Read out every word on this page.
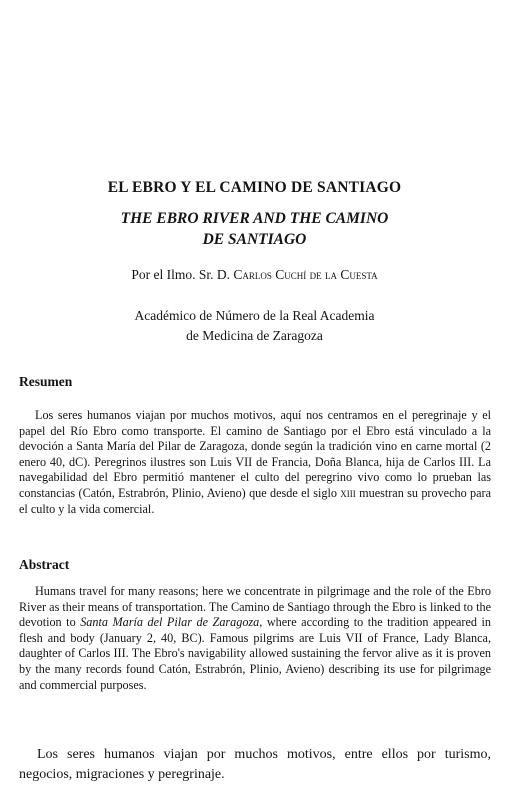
EL EBRO Y EL CAMINO DE SANTIAGO
THE EBRO RIVER AND THE CAMINO
DE SANTIAGO
Por el Ilmo. Sr. D. Carlos Cuchí de la Cuesta
Académico de Número de la Real Academia
de Medicina de Zaragoza
Resumen

Los seres humanos viajan por muchos motivos, aquí nos centramos en el peregrinaje y el papel del Río Ebro como transporte. El camino de Santiago por el Ebro está vinculado a la devoción a Santa María del Pilar de Zaragoza, donde según la tradición vino en carne mortal (2 enero 40, dC). Peregrinos ilustres son Luis VII de Francia, Doña Blanca, hija de Carlos III. La navegabilidad del Ebro permitió mantener el culto del peregrino vivo como lo prueban las constancias (Catón, Estrabrón, Plinio, Avieno) que desde el siglo xiii muestran su provecho para el culto y la vida comercial.

Abstract

Humans travel for many reasons; here we concentrate in pilgrimage and the role of the Ebro River as their means of transportation. The Camino de Santiago through the Ebro is linked to the devotion to Santa María del Pilar de Zaragoza, where according to the tradition appeared in flesh and body (January 2, 40, BC). Famous pilgrims are Luis VII of France, Lady Blanca, daughter of Carlos III. The Ebro's navigability allowed sustaining the fervor alive as it is proven by the many records found Catón, Estrabrón, Plinio, Avieno) describing its use for pilgrimage and commercial purposes.

Los seres humanos viajan por muchos motivos, entre ellos por turismo, negocios, migraciones y peregrinaje.
